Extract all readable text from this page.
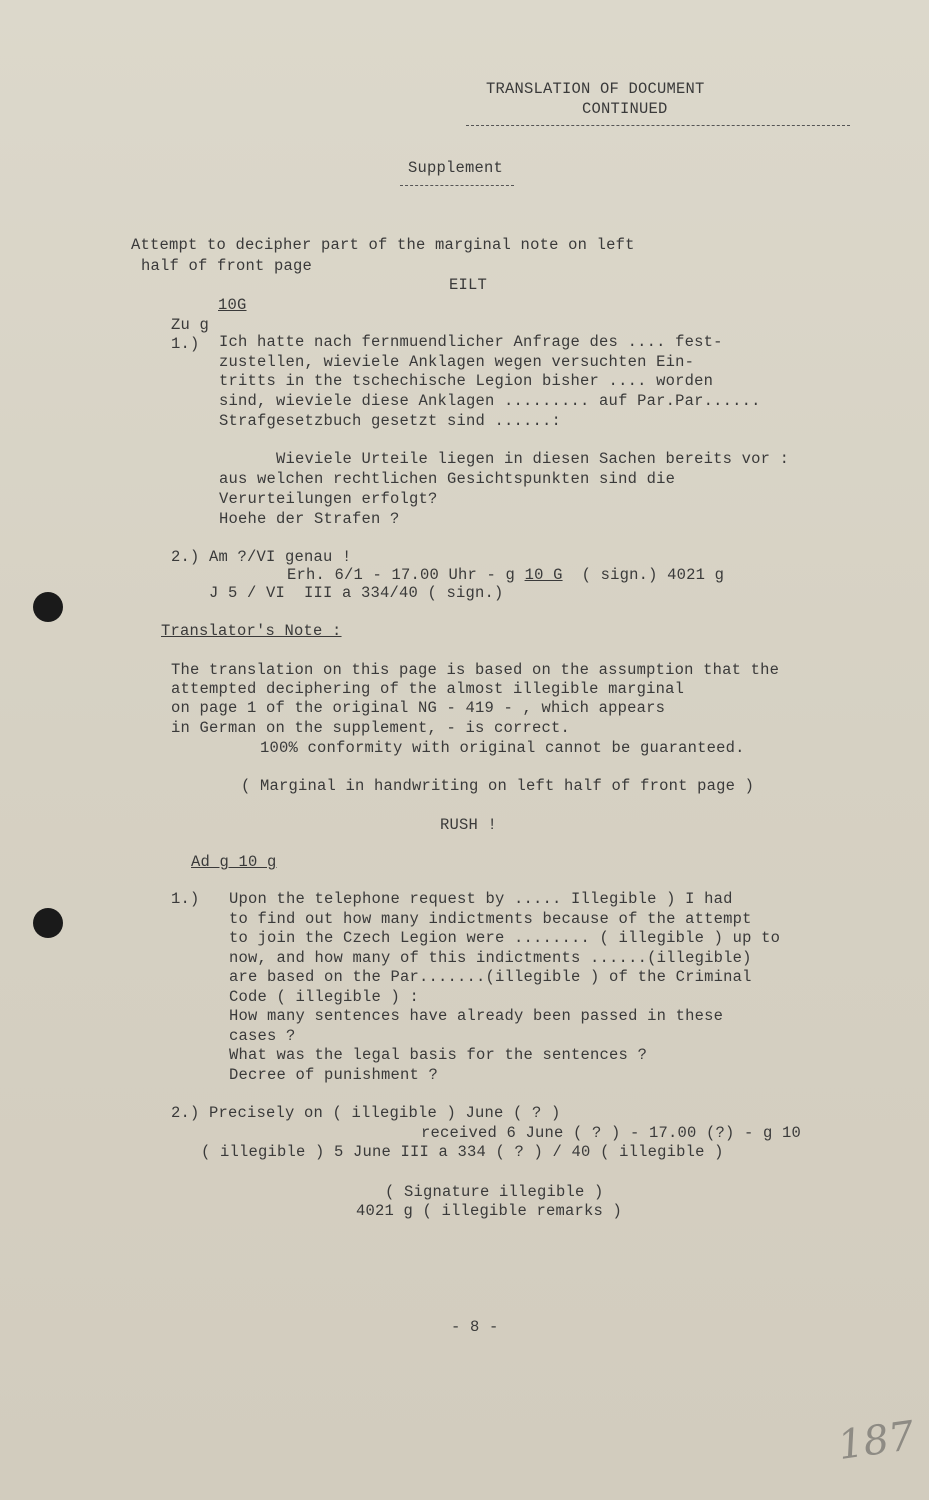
TRANSLATION OF DOCUMENT
CONTINUED
Supplement
Attempt to decipher part of the marginal note on left
half of front page
EILT
10G
Zu g
1.) Ich hatte nach fernmuendlicher Anfrage des .... fest-
zustellen, wieviele Anklagen wegen versuchten Ein-
tritts in the tschechische Legion bisher .... worden
sind, wieviele diese Anklagen ......... auf Par.Par......
Strafgesetzbuch gesetzt sind ......:
Wieviele Urteile liegen in diesen Sachen bereits vor :
aus welchen rechtlichen Gesichtspunkten sind die
Verurteilungen erfolgt?
Hoehe der Strafen ?
2.) Am ?/VI genau !
Erh. 6/1 - 17.00 Uhr - g 10 G ( sign.) 4021 g
J 5 / VI  III a 334/40 ( sign.)
Translator's Note :
The translation on this page is based on the assumption that the
attempted deciphering of the almost illegible marginal
on page 1 of the original NG - 419 - , which appears
in German on the supplement, - is correct.
100% conformity with original cannot be guaranteed.
( Marginal in handwriting on left half of front page )
RUSH !
Ad g 10 g
1.) Upon the telephone request by ..... Illegible ) I had
to find out how many indictments because of the attempt
to join the Czech Legion were ........ ( illegible ) up to
now, and how many of this indictments ......(illegible)
are based on the Par.......(illegible ) of the Criminal
Code ( illegible ) :
How many sentences have already been passed in these
cases ?
What was the legal basis for the sentences ?
Decree of punishment ?
2.) Precisely on ( illegible ) June ( ? )
received 6 June ( ? ) - 17.00 (?) - g 10
( illegible ) 5 June III a 334 ( ? ) / 40 ( illegible )
( Signature illegible )
4021 g ( illegible remarks )
- 8 -
187
